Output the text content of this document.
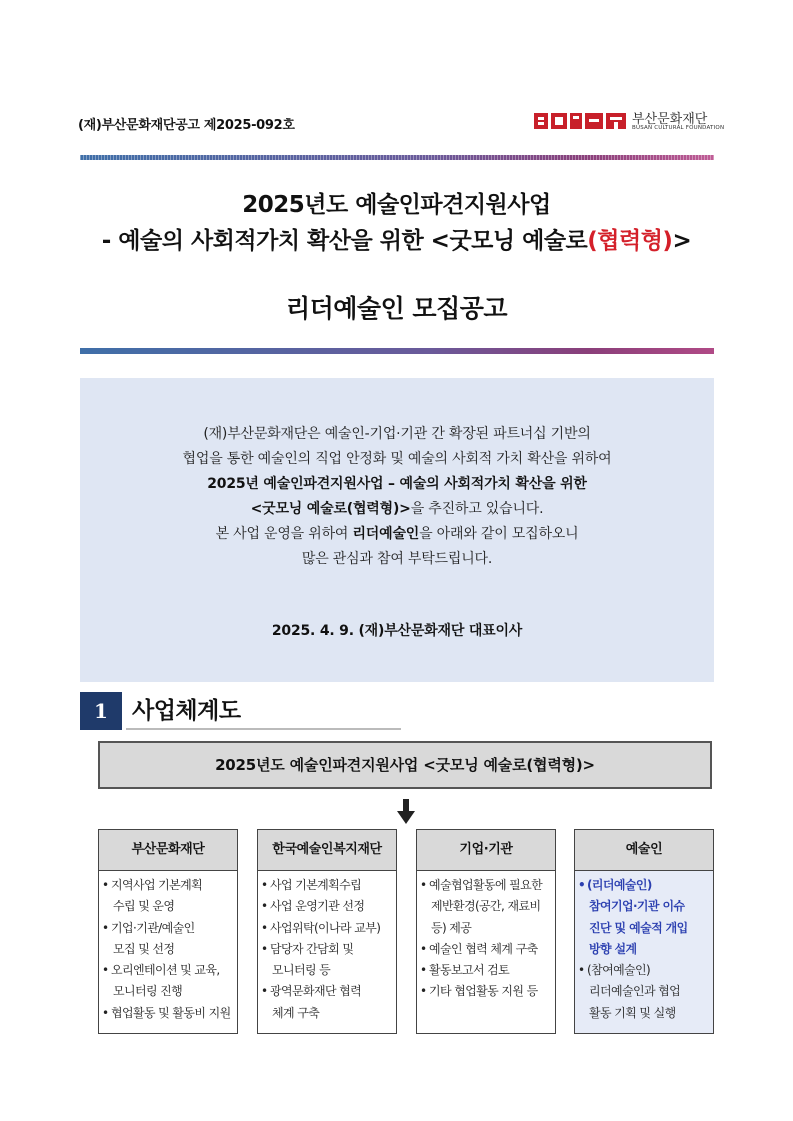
(재)부산문화재단공고 제2025-092호	부산문화재단
BUSAN CULTURAL FOUNDATION
2025년도 예술인파견지원사업
- 예술의 사회적가치 확산을 위한 <굿모닝 예술로(협력형)>
리더예술인 모집공고
(재)부산문화재단은 예술인-기업·기관 간 확장된 파트너십 기반의
협업을 통한 예술인의 직업 안정화 및 예술의 사회적 가치 확산을 위하여
2025년 예술인파견지원사업 – 예술의 사회적가치 확산을 위한
<굿모닝 예술로(협력형)>을 추진하고 있습니다.
본 사업 운영을 위하여 리더예술인을 아래와 같이 모집하오니
많은 관심과 참여 부탁드립니다.
2025. 4. 9. (재)부산문화재단 대표이사
1	사업체계도
2025년도 예술인파견지원사업 <굿모닝 예술로(협력형)>
부산문화재단
• 지역사업 기본계획
수립 및 운영
• 기업·기관/예술인
모집 및 선정
• 오리엔테이션 및 교육,
모니터링 진행
• 협업활동 및 활동비 지원
한국예술인복지재단
• 사업 기본계획수립
• 사업 운영기관 선정
• 사업위탁(이나라 교부)
• 담당자 간담회 및
모니터링 등
• 광역문화재단 협력
체계 구축
기업·기관
• 예술협업활동에 필요한
제반환경(공간, 재료비
등) 제공
• 예술인 협력 체계 구축
• 활동보고서 검토
• 기타 협업활동 지원 등
예술인
• (리더예술인)
참여기업·기관 이슈
진단 및 예술적 개입
방향 설계
• (참여예술인)
리더예술인과 협업
활동 기획 및 실행
